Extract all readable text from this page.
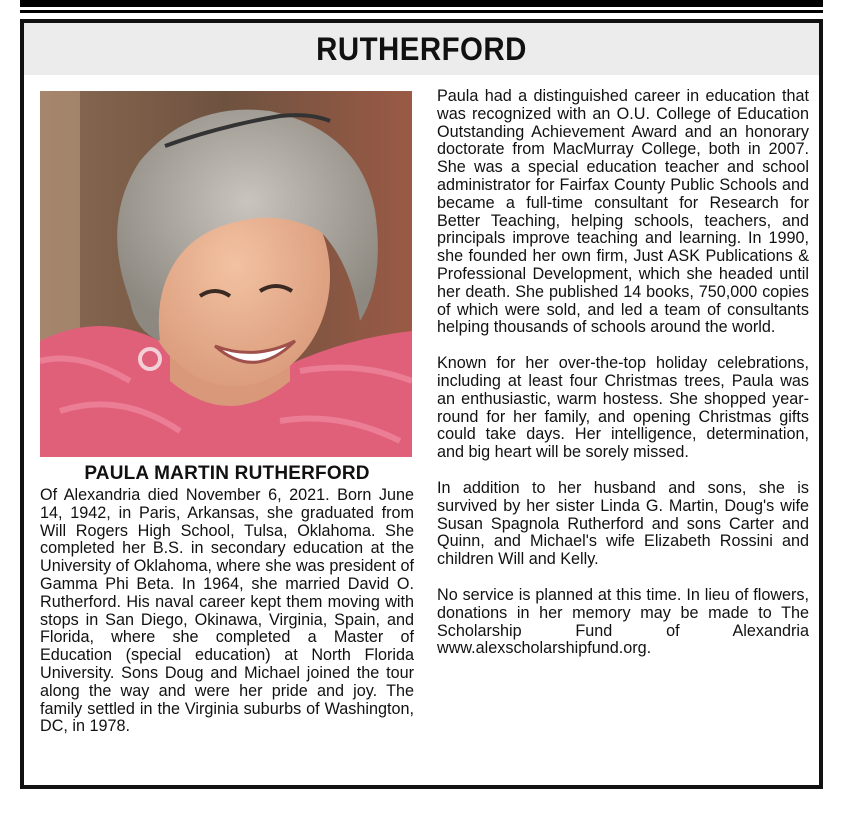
RUTHERFORD
PAULA MARTIN RUTHERFORD

Of Alexandria died November 6, 2021. Born June 14, 1942, in Paris, Arkansas, she graduated from Will Rogers High School, Tulsa, Oklahoma. She completed her B.S. in secondary education at the University of Oklahoma, where she was president of Gamma Phi Beta. In 1964, she married David O. Rutherford. His naval career kept them moving with stops in San Diego, Okinawa, Virginia, Spain, and Florida, where she completed a Master of Education (special education) at North Florida University. Sons Doug and Michael joined the tour along the way and were her pride and joy. The family settled in the Virginia suburbs of Washington, DC, in 1978.

Paula had a distinguished career in education that was recognized with an O.U. College of Education Outstanding Achievement Award and an honorary doctorate from MacMurray College, both in 2007. She was a special education teacher and school administrator for Fairfax County Public Schools and became a full-time consultant for Research for Better Teaching, helping schools, teachers, and principals improve teaching and learning. In 1990, she founded her own firm, Just ASK Publications & Professional Development, which she headed until her death. She published 14 books, 750,000 copies of which were sold, and led a team of consultants helping thousands of schools around the world.

Known for her over-the-top holiday celebrations, including at least four Christmas trees, Paula was an enthusiastic, warm hostess. She shopped year-round for her family, and opening Christmas gifts could take days. Her intelligence, determination, and big heart will be sorely missed.

In addition to her husband and sons, she is survived by her sister Linda G. Martin, Doug's wife Susan Spagnola Rutherford and sons Carter and Quinn, and Michael's wife Elizabeth Rossini and children Will and Kelly.

No service is planned at this time. In lieu of flowers, donations in her memory may be made to The Scholarship Fund of Alexandria www.alexscholarshipfund.org.
